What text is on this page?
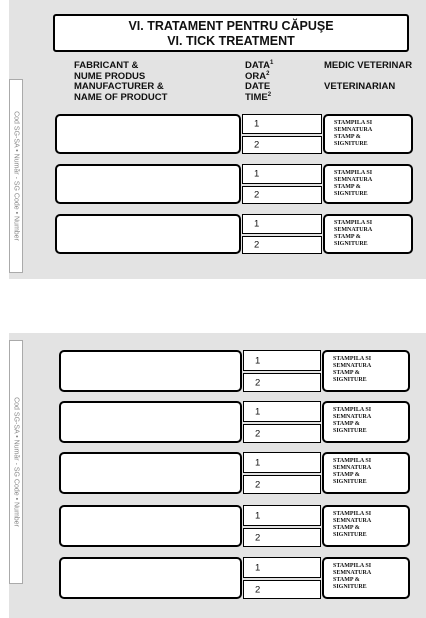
Cod SG-SA • Număr - SG Code • Number
Cod SG-SA • Număr - SG Code • Number
VI. TRATAMENT PENTRU CĂPUŞE
VI. TICK TREATMENT
FABRICANT &
NUME PRODUS
MANUFACTURER &
NAME OF PRODUCT
DATA$^1$
ORA$^2$
DATE
TIME$^2$
MEDIC VETERINAR

VETERINARIAN
1
2
STAMPILA SI
SEMNATURA
STAMP &
SIGNITURE
1
2
STAMPILA SI
SEMNATURA
STAMP &
SIGNITURE
1
2
STAMPILA SI
SEMNATURA
STAMP &
SIGNITURE
1
2
STAMPILA SI
SEMNATURA
STAMP &
SIGNITURE
1
2
STAMPILA SI
SEMNATURA
STAMP &
SIGNITURE
1
2
STAMPILA SI
SEMNATURA
STAMP &
SIGNITURE
1
2
STAMPILA SI
SEMNATURA
STAMP &
SIGNITURE
1
2
STAMPILA SI
SEMNATURA
STAMP &
SIGNITURE
